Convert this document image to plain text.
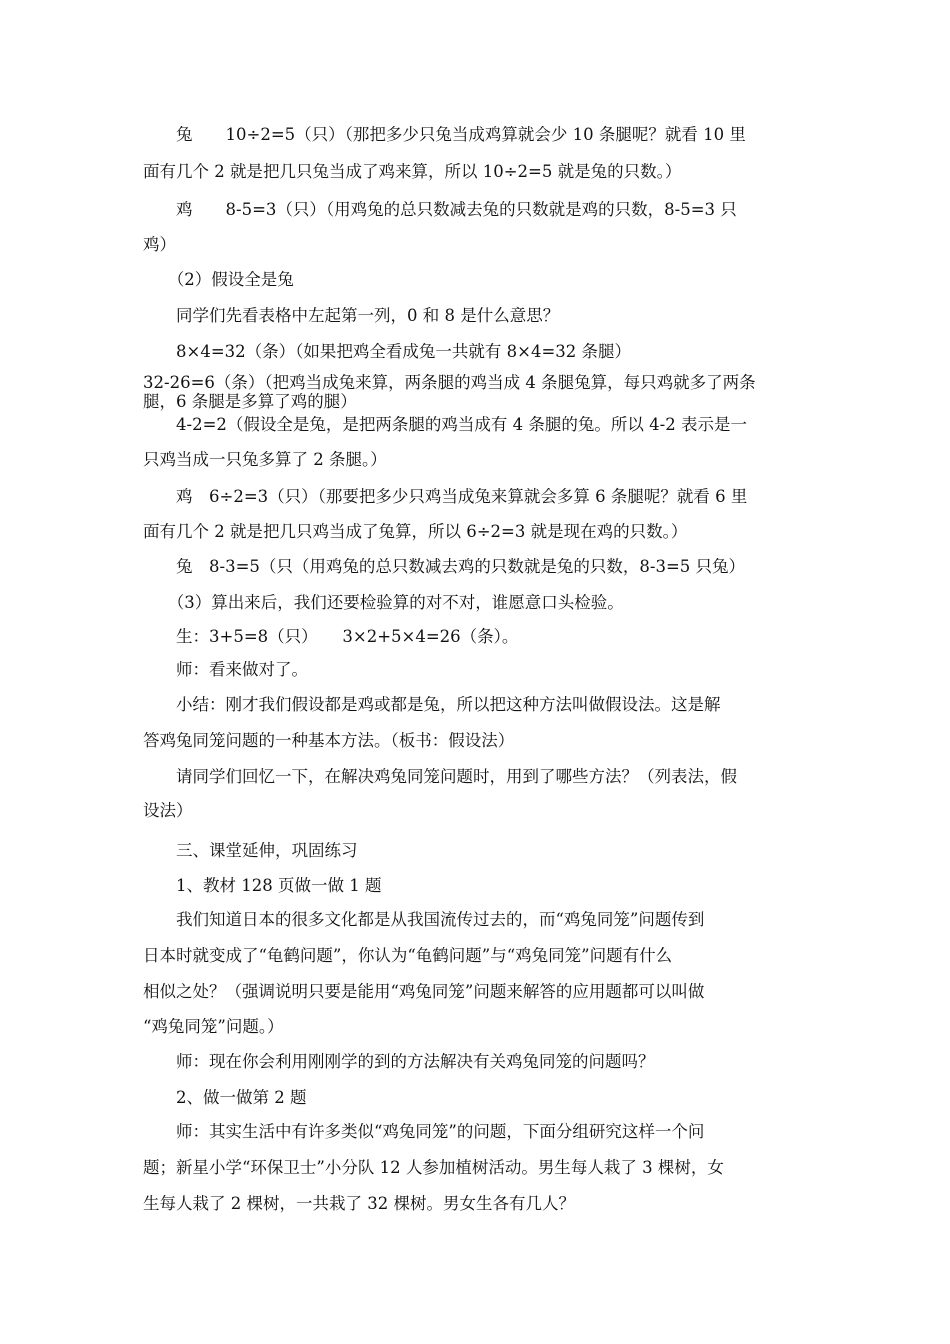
　　兔　　10÷2=5（只）（那把多少只兔当成鸡算就会少 10 条腿呢？就看 10 里
面有几个 2 就是把几只兔当成了鸡来算，所以 10÷2=5 就是兔的只数。）
　　鸡　　8-5=3（只）（用鸡兔的总只数减去兔的只数就是鸡的只数，8-5=3 只
鸡）
　　（2）假设全是兔
　　同学们先看表格中左起第一列，0 和 8 是什么意思？
　　8×4=32（条）（如果把鸡全看成兔一共就有 8×4=32 条腿）
32-26=6（条）（把鸡当成兔来算，两条腿的鸡当成 4 条腿兔算，每只鸡就多了两条
腿，6 条腿是多算了鸡的腿）
　　4-2=2（假设全是兔，是把两条腿的鸡当成有 4 条腿的兔。所以 4-2 表示是一
只鸡当成一只兔多算了 2 条腿。）
　　鸡　6÷2=3（只）（那要把多少只鸡当成兔来算就会多算 6 条腿呢？就看 6 里
面有几个 2 就是把几只鸡当成了兔算，所以 6÷2=3 就是现在鸡的只数。）
　　兔　8-3=5（只（用鸡兔的总只数减去鸡的只数就是兔的只数，8-3=5 只兔）
　　（3）算出来后，我们还要检验算的对不对，谁愿意口头检验。
　　生：3+5=8（只）　　3×2+5×4=26（条）。
　　师：看来做对了。
　　小结：刚才我们假设都是鸡或都是兔，所以把这种方法叫做假设法。这是解
答鸡兔同笼问题的一种基本方法。（板书：假设法）
　　请同学们回忆一下，在解决鸡兔同笼问题时，用到了哪些方法？（列表法，假
设法）
　　三、课堂延伸，巩固练习
　　1、教材 128 页做一做 1 题
　　我们知道日本的很多文化都是从我国流传过去的，而“鸡兔同笼”问题传到
日本时就变成了“龟鹤问题”，你认为“龟鹤问题”与“鸡兔同笼”问题有什么
相似之处？（强调说明只要是能用“鸡兔同笼”问题来解答的应用题都可以叫做
“鸡兔同笼”问题。）
　　师：现在你会利用刚刚学的到的方法解决有关鸡兔同笼的问题吗？
　　2、做一做第 2 题
　　师：其实生活中有许多类似“鸡兔同笼”的问题，下面分组研究这样一个问
题；新星小学“环保卫士”小分队 12 人参加植树活动。男生每人栽了 3 棵树，女
生每人栽了 2 棵树，一共栽了 32 棵树。男女生各有几人？
